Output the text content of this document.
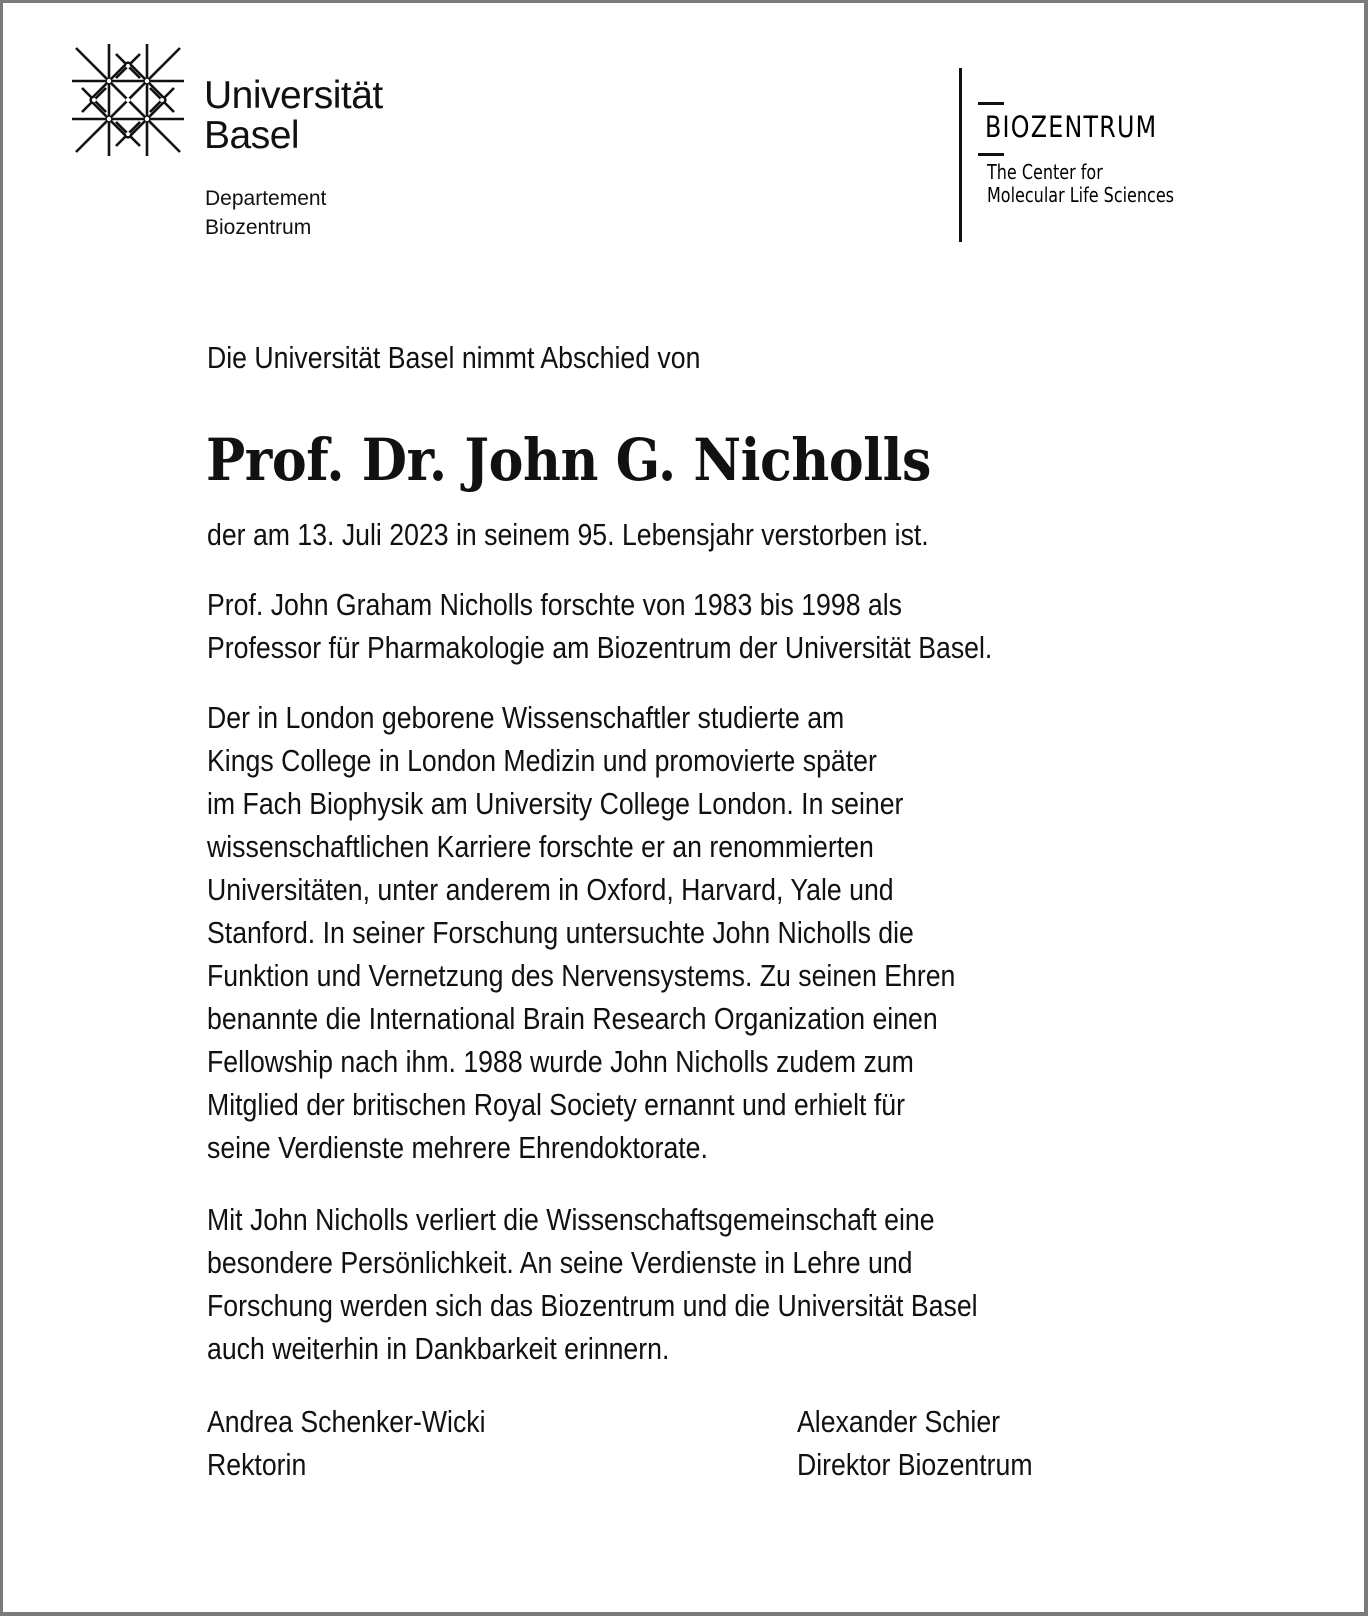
Universität
Basel
Departement
Biozentrum
BIOZENTRUM
The Center for
Molecular Life Sciences
Die Universität Basel nimmt Abschied von
Prof. Dr. John G. Nicholls
der am 13. Juli 2023 in seinem 95. Lebensjahr verstorben ist.
Prof. John Graham Nicholls forschte von 1983 bis 1998 als
Professor für Pharmakologie am Biozentrum der Universität Basel.
Der in London geborene Wissenschaftler studierte am
Kings College in London Medizin und promovierte später
im Fach Biophysik am University College London. In seiner
wissenschaftlichen Karriere forschte er an renommierten
Universitäten, unter anderem in Oxford, Harvard, Yale und
Stanford. In seiner Forschung untersuchte John Nicholls die
Funktion und Vernetzung des Nervensystems. Zu seinen Ehren
benannte die International Brain Research Organization einen
Fellowship nach ihm. 1988 wurde John Nicholls zudem zum
Mitglied der britischen Royal Society ernannt und erhielt für
seine Verdienste mehrere Ehrendoktorate.
Mit John Nicholls verliert die Wissenschaftsgemeinschaft eine
besondere Persönlichkeit. An seine Verdienste in Lehre und
Forschung werden sich das Biozentrum und die Universität Basel
auch weiterhin in Dankbarkeit erinnern.
Andrea Schenker-Wicki
Rektorin
Alexander Schier
Direktor Biozentrum
